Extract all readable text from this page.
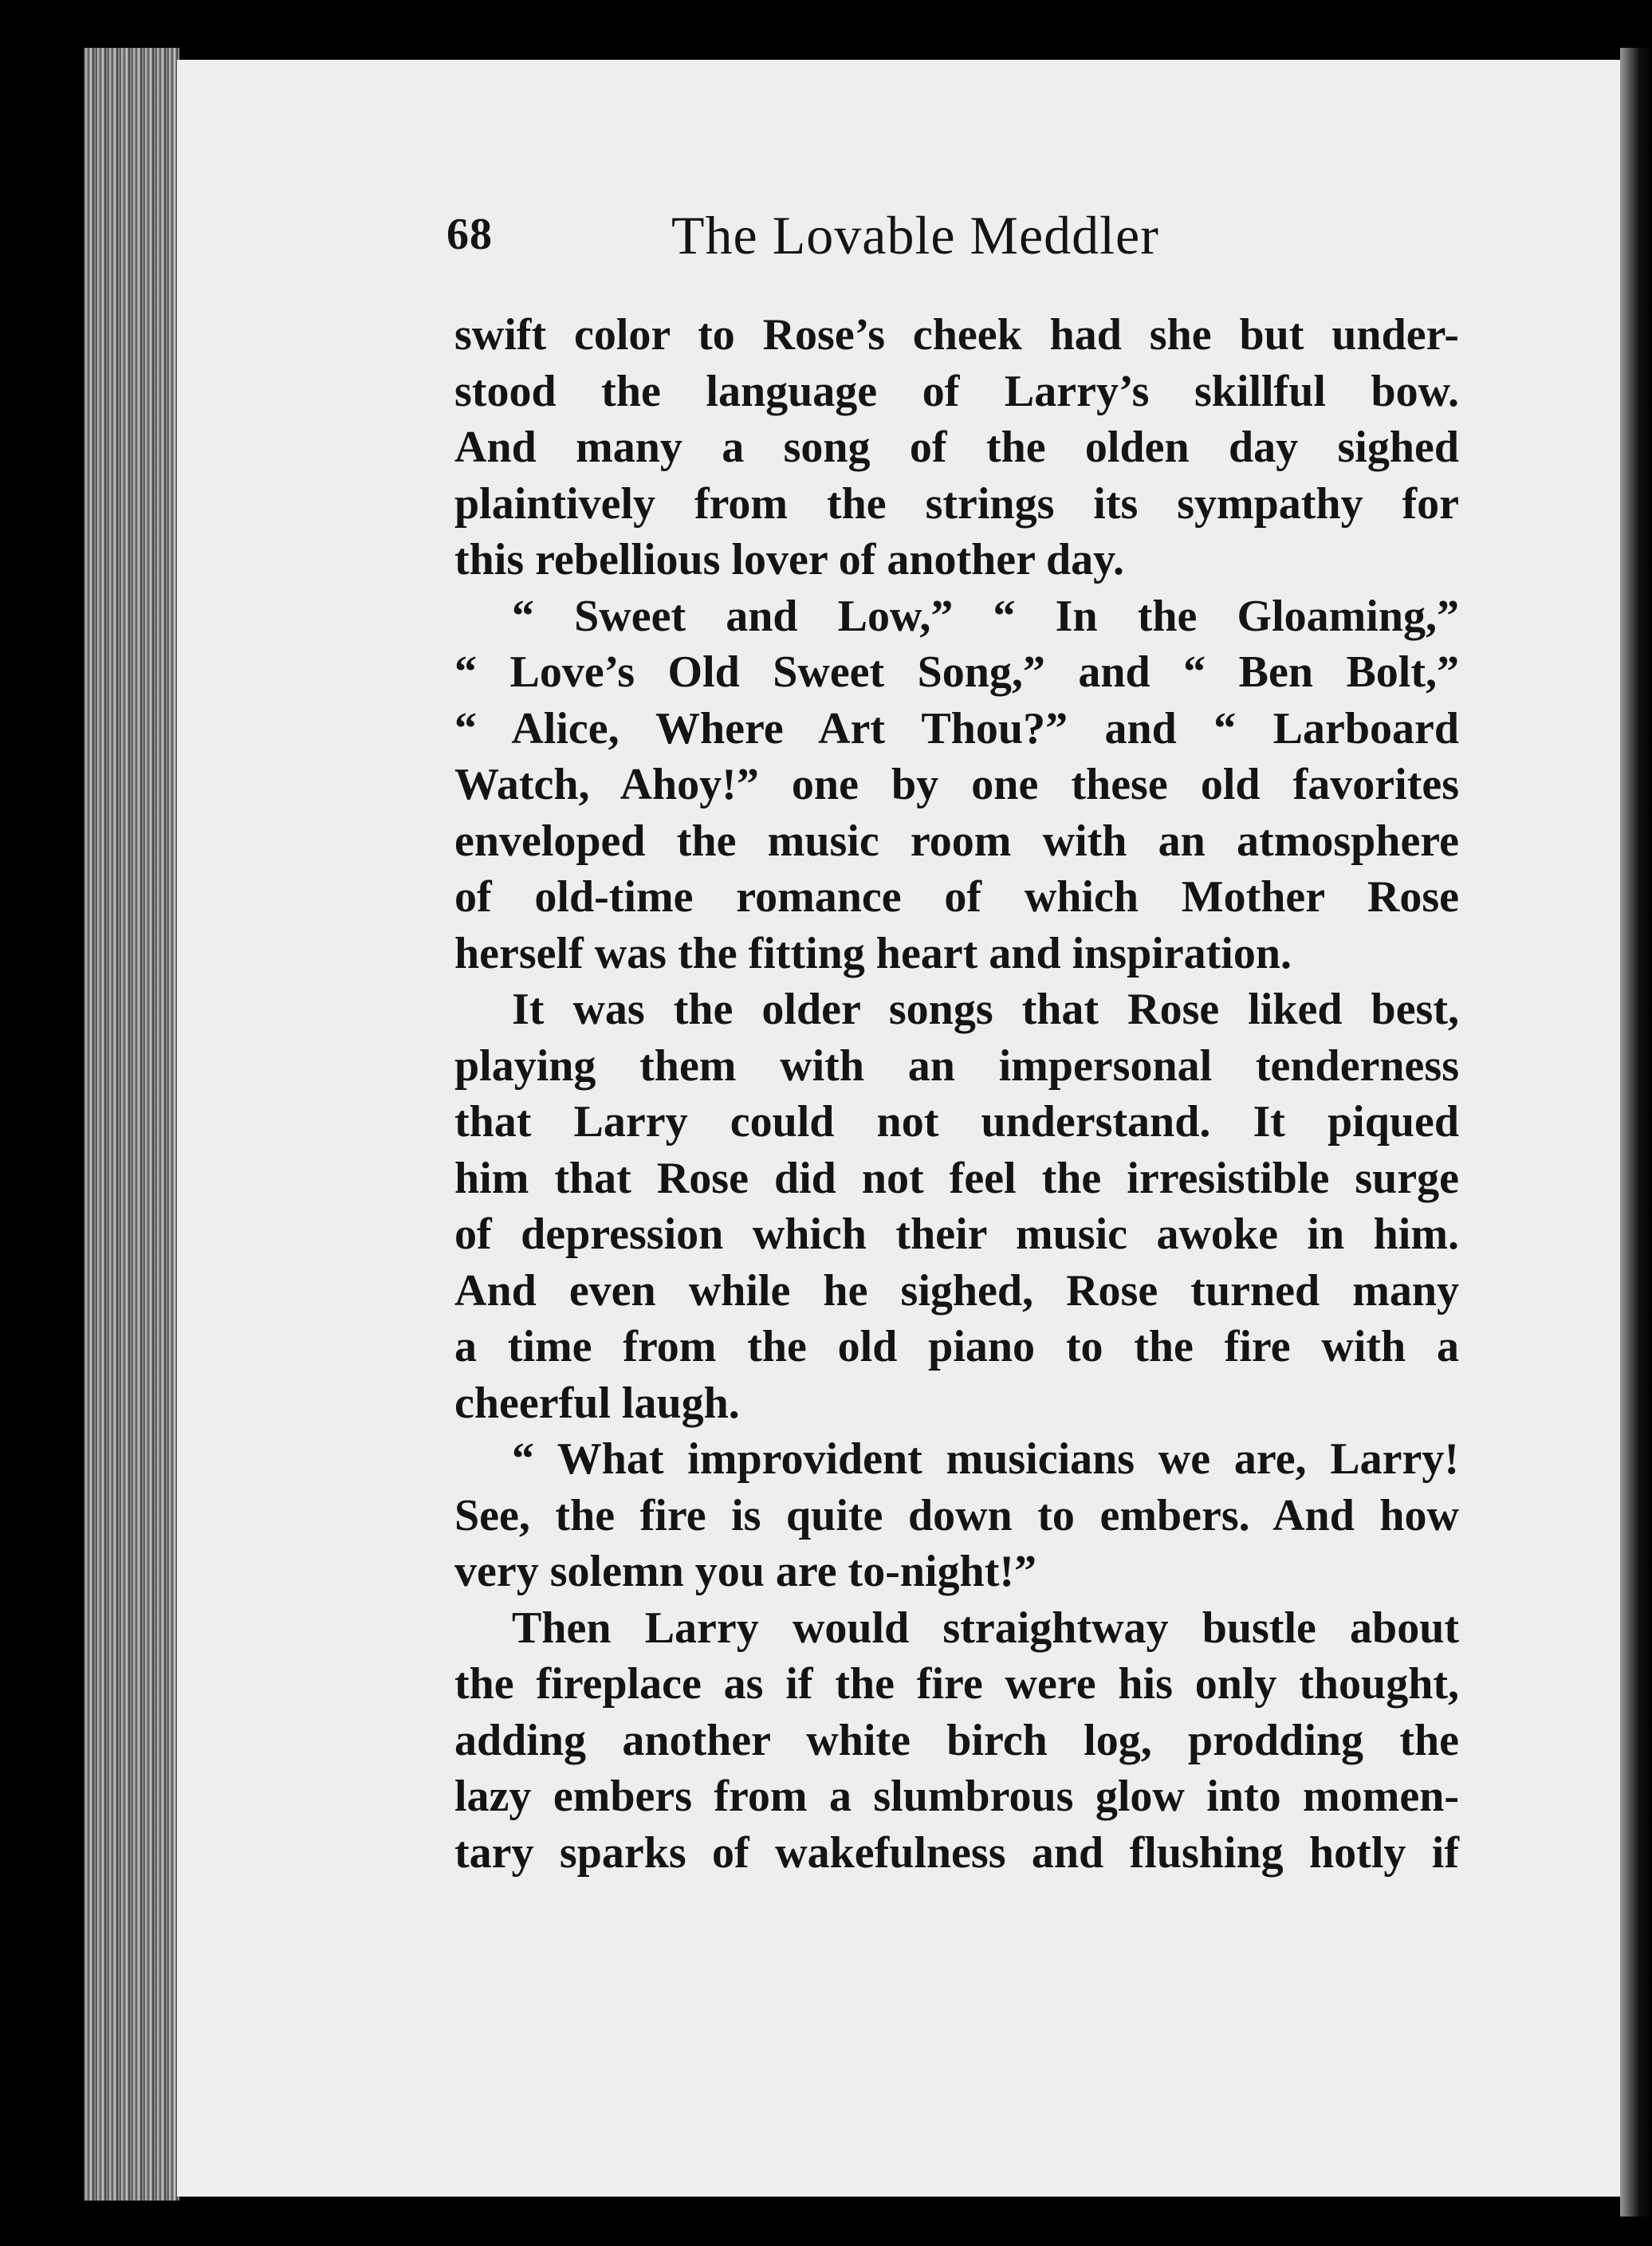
68	The Lovable Meddler
swift color to Rose’s cheek had she but under-
stood the language of Larry’s skillful bow.
And many a song of the olden day sighed
plaintively from the strings its sympathy for
this rebellious lover of another day.
“ Sweet and Low,” “ In the Gloaming,”
“ Love’s Old Sweet Song,” and “ Ben Bolt,”
“ Alice, Where Art Thou?” and “ Larboard
Watch, Ahoy!” one by one these old favorites
enveloped the music room with an atmosphere
of old-time romance of which Mother Rose
herself was the fitting heart and inspiration.
It was the older songs that Rose liked best,
playing them with an impersonal tenderness
that Larry could not understand. It piqued
him that Rose did not feel the irresistible surge
of depression which their music awoke in him.
And even while he sighed, Rose turned many
a time from the old piano to the fire with a
cheerful laugh.
“ What improvident musicians we are, Larry!
See, the fire is quite down to embers. And how
very solemn you are to-night!”
Then Larry would straightway bustle about
the fireplace as if the fire were his only thought,
adding another white birch log, prodding the
lazy embers from a slumbrous glow into momen-
tary sparks of wakefulness and flushing hotly if
